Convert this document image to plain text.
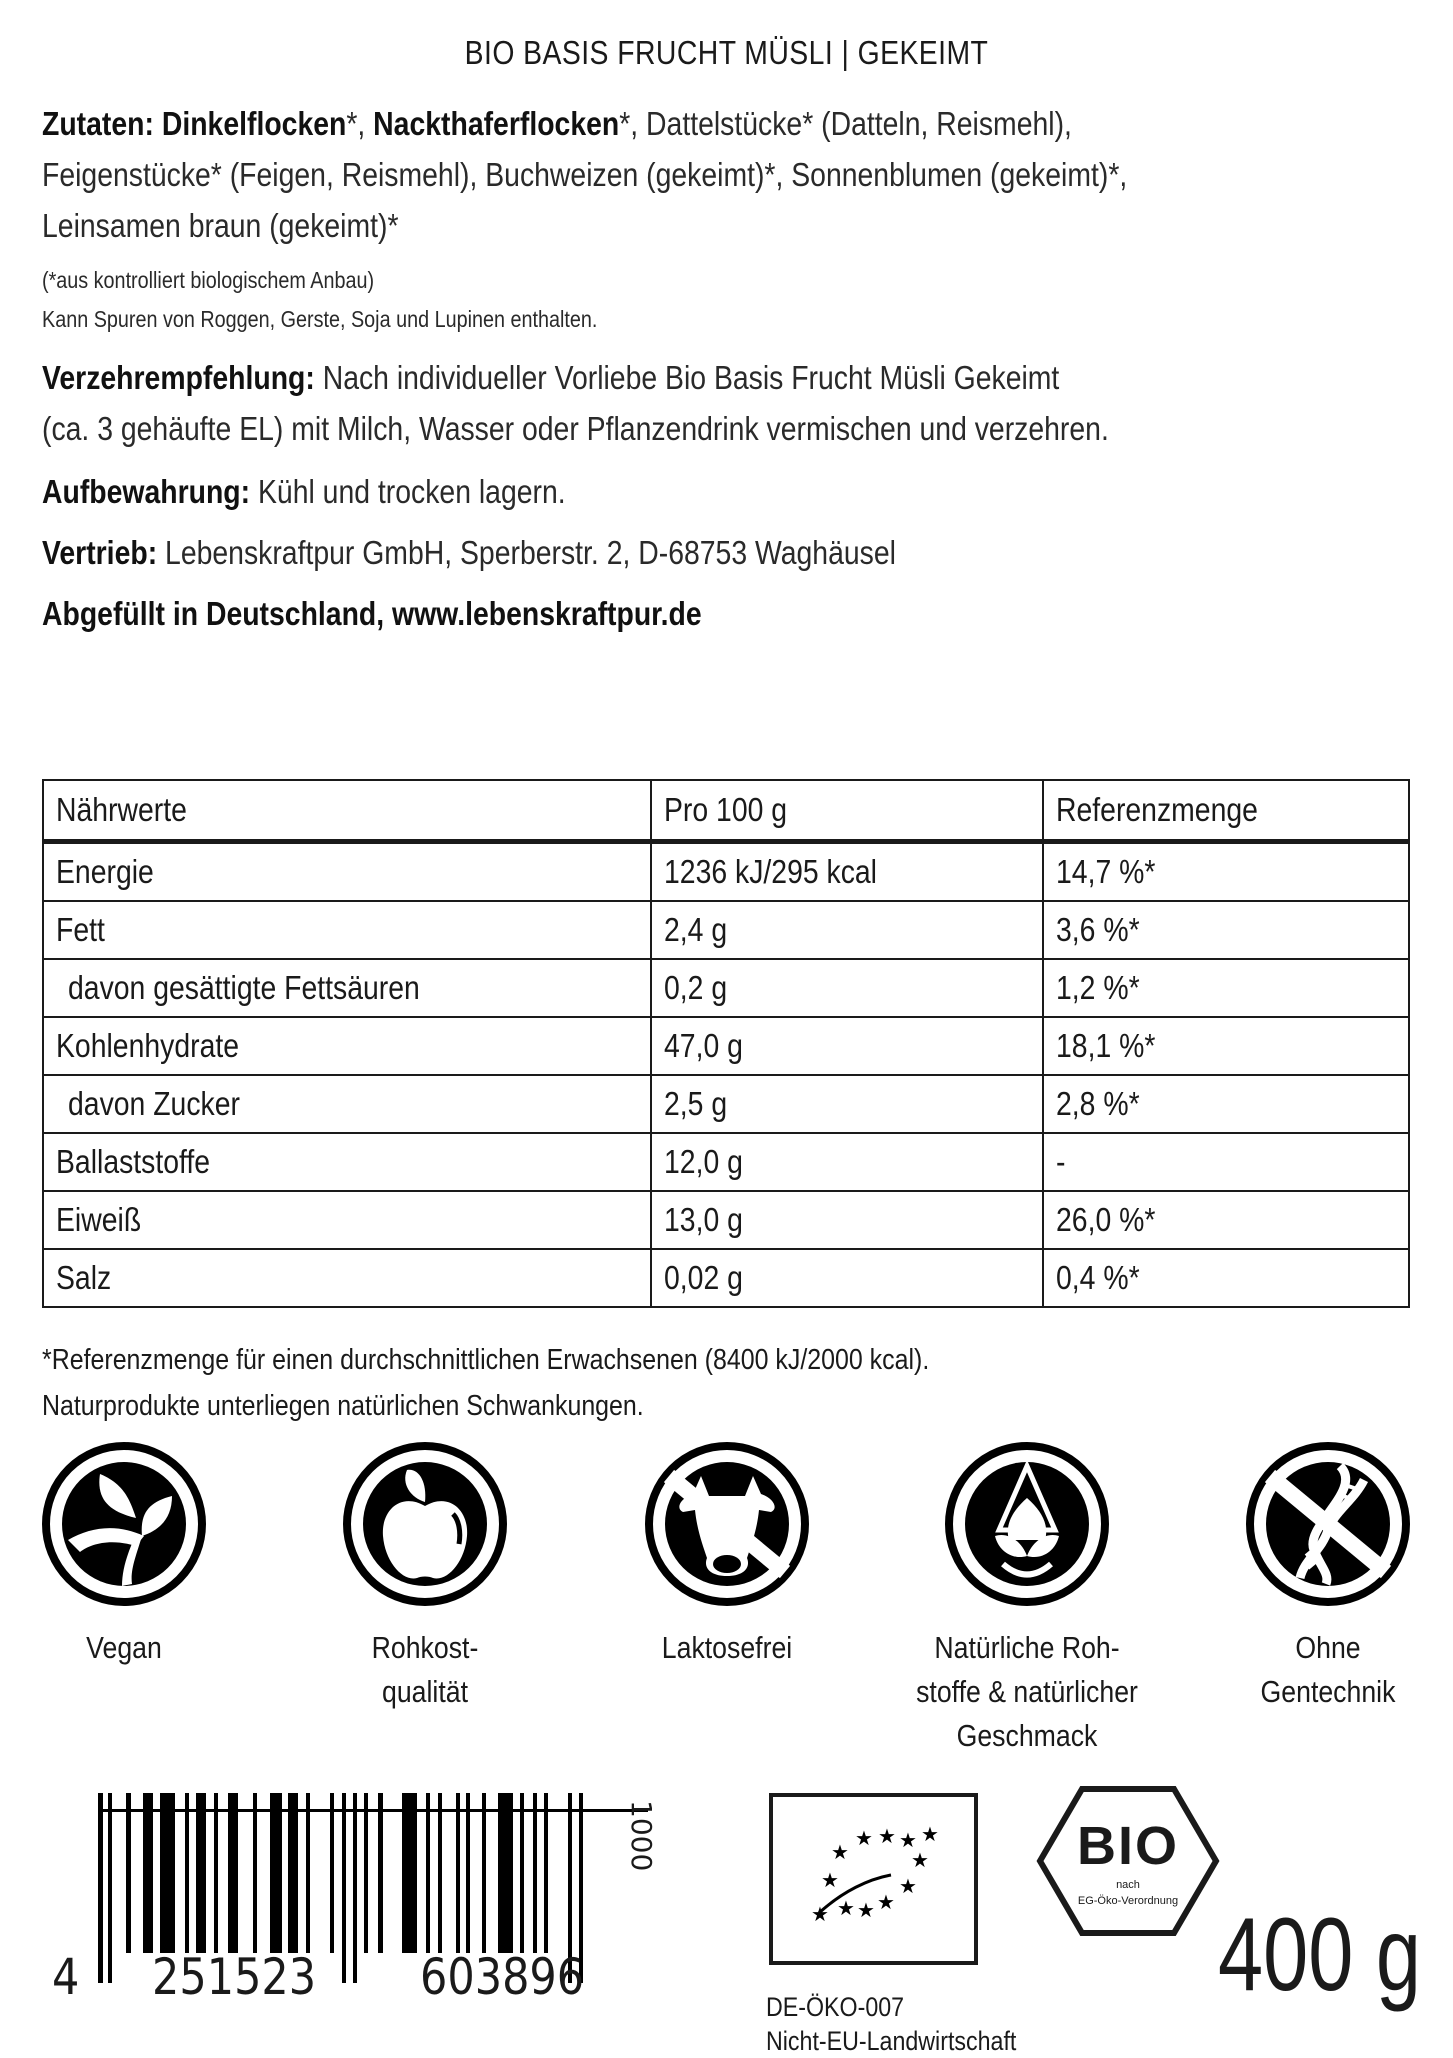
BIO BASIS FRUCHT MÜSLI | GEKEIMT
Zutaten: Dinkelflocken*, Nackthaferflocken*, Dattelstücke* (Datteln, Reismehl),
Feigenstücke* (Feigen, Reismehl), Buchweizen (gekeimt)*, Sonnenblumen (gekeimt)*,
Leinsamen braun (gekeimt)*
(*aus kontrolliert biologischem Anbau)
Kann Spuren von Roggen, Gerste, Soja und Lupinen enthalten.
Verzehrempfehlung: Nach individueller Vorliebe Bio Basis Frucht Müsli Gekeimt
(ca. 3 gehäufte EL) mit Milch, Wasser oder Pflanzendrink vermischen und verzehren.
Aufbewahrung: Kühl und trocken lagern.
Vertrieb: Lebenskraftpur GmbH, Sperberstr. 2, D-68753 Waghäusel
Abgefüllt in Deutschland, www.lebenskraftpur.de
Nährwerte	Pro 100 g	Referenzmenge
Energie	1236 kJ/295 kcal	14,7 %*
Fett	2,4 g	3,6 %*
davon gesättigte Fettsäuren	0,2 g	1,2 %*
Kohlenhydrate	47,0 g	18,1 %*
davon Zucker	2,5 g	2,8 %*
Ballaststoffe	12,0 g	-
Eiweiß	13,0 g	26,0 %*
Salz	0,02 g	0,4 %*
*Referenzmenge für einen durchschnittlichen Erwachsenen (8400 kJ/2000 kcal).
Naturprodukte unterliegen natürlichen Schwankungen.
Vegan	Rohkost-
qualität
Laktosefrei	Natürliche Roh-
stoffe & natürlicher
Geschmack
Ohne
Gentechnik
4 251523 603896
1000	★ ★ ★ ★
★	★
★	★
★
★
★
★
DE-ÖKO-007
Nicht-EU-Landwirtschaft
BIO
nach
EG-Öko-Verordnung 400 g
